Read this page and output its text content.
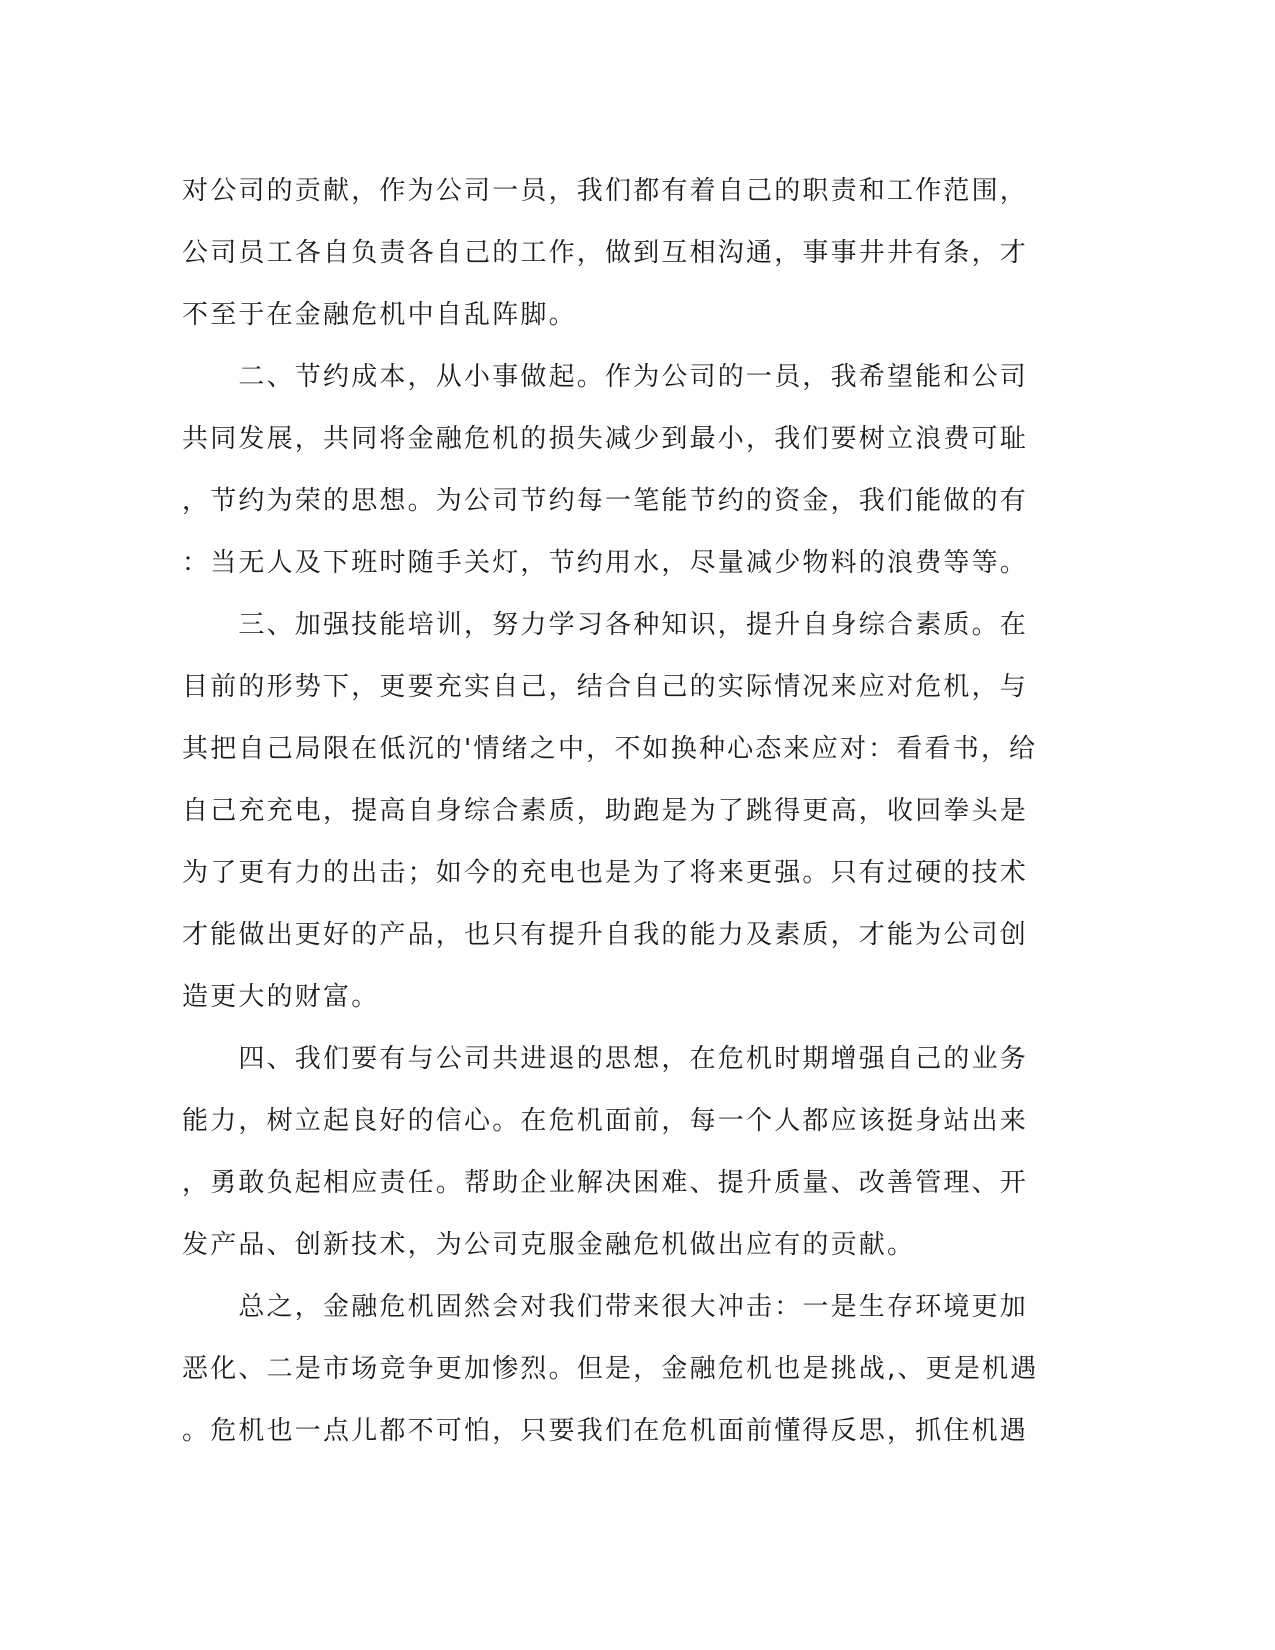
对公司的贡献，作为公司一员，我们都有着自己的职责和工作范围，
公司员工各自负责各自己的工作，做到互相沟通，事事井井有条，才
不至于在金融危机中自乱阵脚。
　　二、节约成本，从小事做起。作为公司的一员，我希望能和公司
共同发展，共同将金融危机的损失减少到最小，我们要树立浪费可耻
，节约为荣的思想。为公司节约每一笔能节约的资金，我们能做的有
：当无人及下班时随手关灯，节约用水，尽量减少物料的浪费等等。
　　三、加强技能培训，努力学习各种知识，提升自身综合素质。在
目前的形势下，更要充实自己，结合自己的实际情况来应对危机，与
其把自己局限在低沉的'情绪之中，不如换种心态来应对：看看书，给
自己充充电，提高自身综合素质，助跑是为了跳得更高，收回拳头是
为了更有力的出击；如今的充电也是为了将来更强。只有过硬的技术
才能做出更好的产品，也只有提升自我的能力及素质，才能为公司创
造更大的财富。
　　四、我们要有与公司共进退的思想，在危机时期增强自己的业务
能力，树立起良好的信心。在危机面前，每一个人都应该挺身站出来
，勇敢负起相应责任。帮助企业解决困难、提升质量、改善管理、开
发产品、创新技术，为公司克服金融危机做出应有的贡献。
　　总之，金融危机固然会对我们带来很大冲击：一是生存环境更加
恶化、二是市场竞争更加惨烈。但是，金融危机也是挑战,、更是机遇
。危机也一点儿都不可怕，只要我们在危机面前懂得反思，抓住机遇
